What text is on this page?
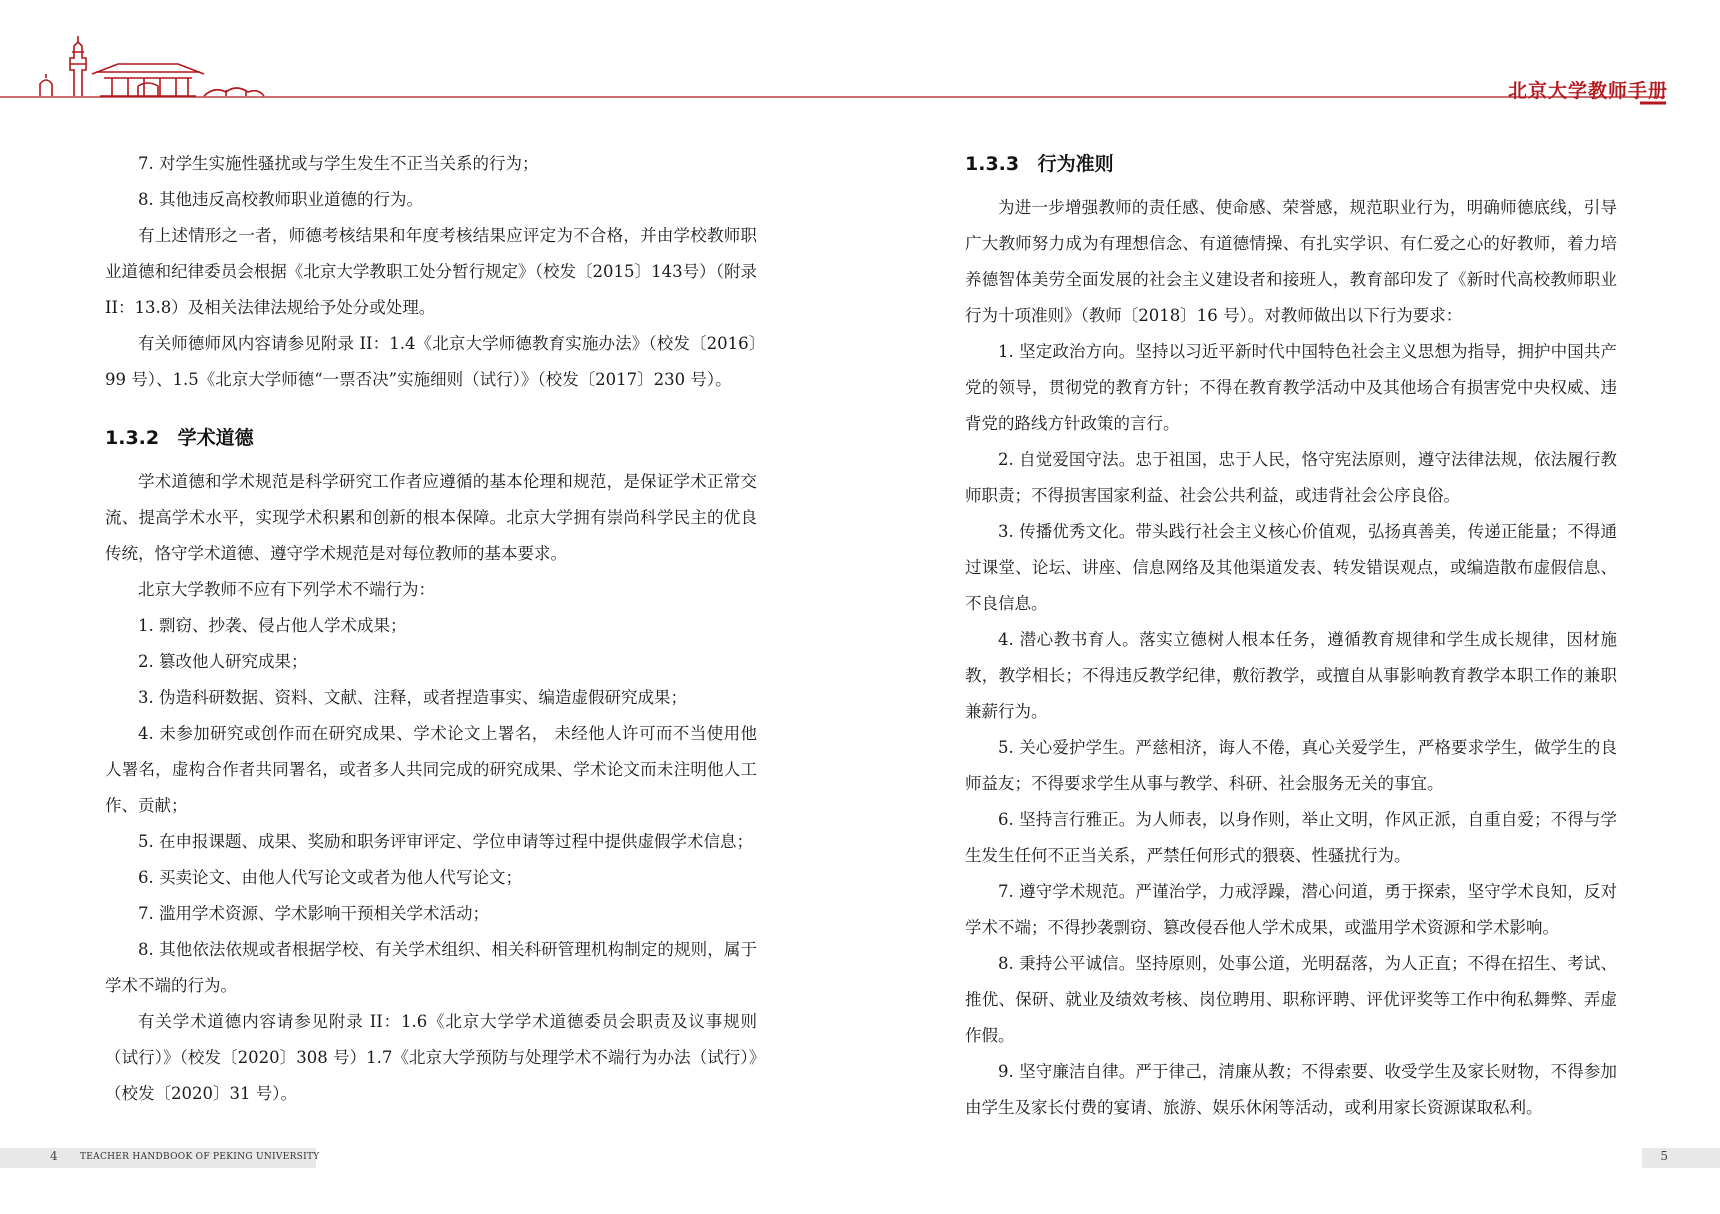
北京大学教师手册

7. 对学生实施性骚扰或与学生发生不正当关系的行为；

8. 其他违反高校教师职业道德的行为。

有上述情形之一者，师德考核结果和年度考核结果应评定为不合格，并由学校教师职业道德和纪律委员会根据《北京大学教职工处分暂行规定》（校发〔2015〕143号）（附录 II：13.8）及相关法律法规给予处分或处理。

有关师德师风内容请参见附录 II：1.4《北京大学师德教育实施办法》（校发〔2016〕99 号）、1.5《北京大学师德“一票否决”实施细则（试行）》（校发〔2017〕230 号）。

1.3.2 学术道德

学术道德和学术规范是科学研究工作者应遵循的基本伦理和规范，是保证学术正常交流、提高学术水平，实现学术积累和创新的根本保障。北京大学拥有崇尚科学民主的优良传统，恪守学术道德、遵守学术规范是对每位教师的基本要求。

北京大学教师不应有下列学术不端行为：

1. 剽窃、抄袭、侵占他人学术成果；

2. 篡改他人研究成果；

3. 伪造科研数据、资料、文献、注释，或者捏造事实、编造虚假研究成果；

4. 未参加研究或创作而在研究成果、学术论文上署名， 未经他人许可而不当使用他人署名，虚构合作者共同署名，或者多人共同完成的研究成果、学术论文而未注明他人工作、贡献；

5. 在申报课题、成果、奖励和职务评审评定、学位申请等过程中提供虚假学术信息；

6. 买卖论文、由他人代写论文或者为他人代写论文；

7. 滥用学术资源、学术影响干预相关学术活动；

8. 其他依法依规或者根据学校、有关学术组织、相关科研管理机构制定的规则，属于学术不端的行为。

有关学术道德内容请参见附录 II：1.6《北京大学学术道德委员会职责及议事规则（试行）》（校发〔2020〕308 号）1.7《北京大学预防与处理学术不端行为办法（试行）》（校发〔2020〕31 号）。

1.3.3 行为准则

为进一步增强教师的责任感、使命感、荣誉感，规范职业行为，明确师德底线，引导广大教师努力成为有理想信念、有道德情操、有扎实学识、有仁爱之心的好教师，着力培养德智体美劳全面发展的社会主义建设者和接班人，教育部印发了《新时代高校教师职业行为十项准则》（教师〔2018〕16 号）。对教师做出以下行为要求：

1. 坚定政治方向。坚持以习近平新时代中国特色社会主义思想为指导，拥护中国共产党的领导，贯彻党的教育方针；不得在教育教学活动中及其他场合有损害党中央权威、违背党的路线方针政策的言行。

2. 自觉爱国守法。忠于祖国，忠于人民，恪守宪法原则，遵守法律法规，依法履行教师职责；不得损害国家利益、社会公共利益，或违背社会公序良俗。

3. 传播优秀文化。带头践行社会主义核心价值观，弘扬真善美，传递正能量；不得通过课堂、论坛、讲座、信息网络及其他渠道发表、转发错误观点，或编造散布虚假信息、不良信息。

4. 潜心教书育人。落实立德树人根本任务，遵循教育规律和学生成长规律，因材施教，教学相长；不得违反教学纪律，敷衍教学，或擅自从事影响教育教学本职工作的兼职兼薪行为。

5. 关心爱护学生。严慈相济，诲人不倦，真心关爱学生，严格要求学生，做学生的良师益友；不得要求学生从事与教学、科研、社会服务无关的事宜。

6. 坚持言行雅正。为人师表，以身作则，举止文明，作风正派，自重自爱；不得与学生发生任何不正当关系，严禁任何形式的猥亵、性骚扰行为。

7. 遵守学术规范。严谨治学，力戒浮躁，潜心问道，勇于探索，坚守学术良知，反对学术不端；不得抄袭剽窃、篡改侵吞他人学术成果，或滥用学术资源和学术影响。

8. 秉持公平诚信。坚持原则，处事公道，光明磊落，为人正直；不得在招生、考试、推优、保研、就业及绩效考核、岗位聘用、职称评聘、评优评奖等工作中徇私舞弊、弄虚作假。

9. 坚守廉洁自律。严于律己，清廉从教；不得索要、收受学生及家长财物，不得参加由学生及家长付费的宴请、旅游、娱乐休闲等活动，或利用家长资源谋取私利。

4 TEACHER HANDBOOK OF PEKING UNIVERSITY	5
